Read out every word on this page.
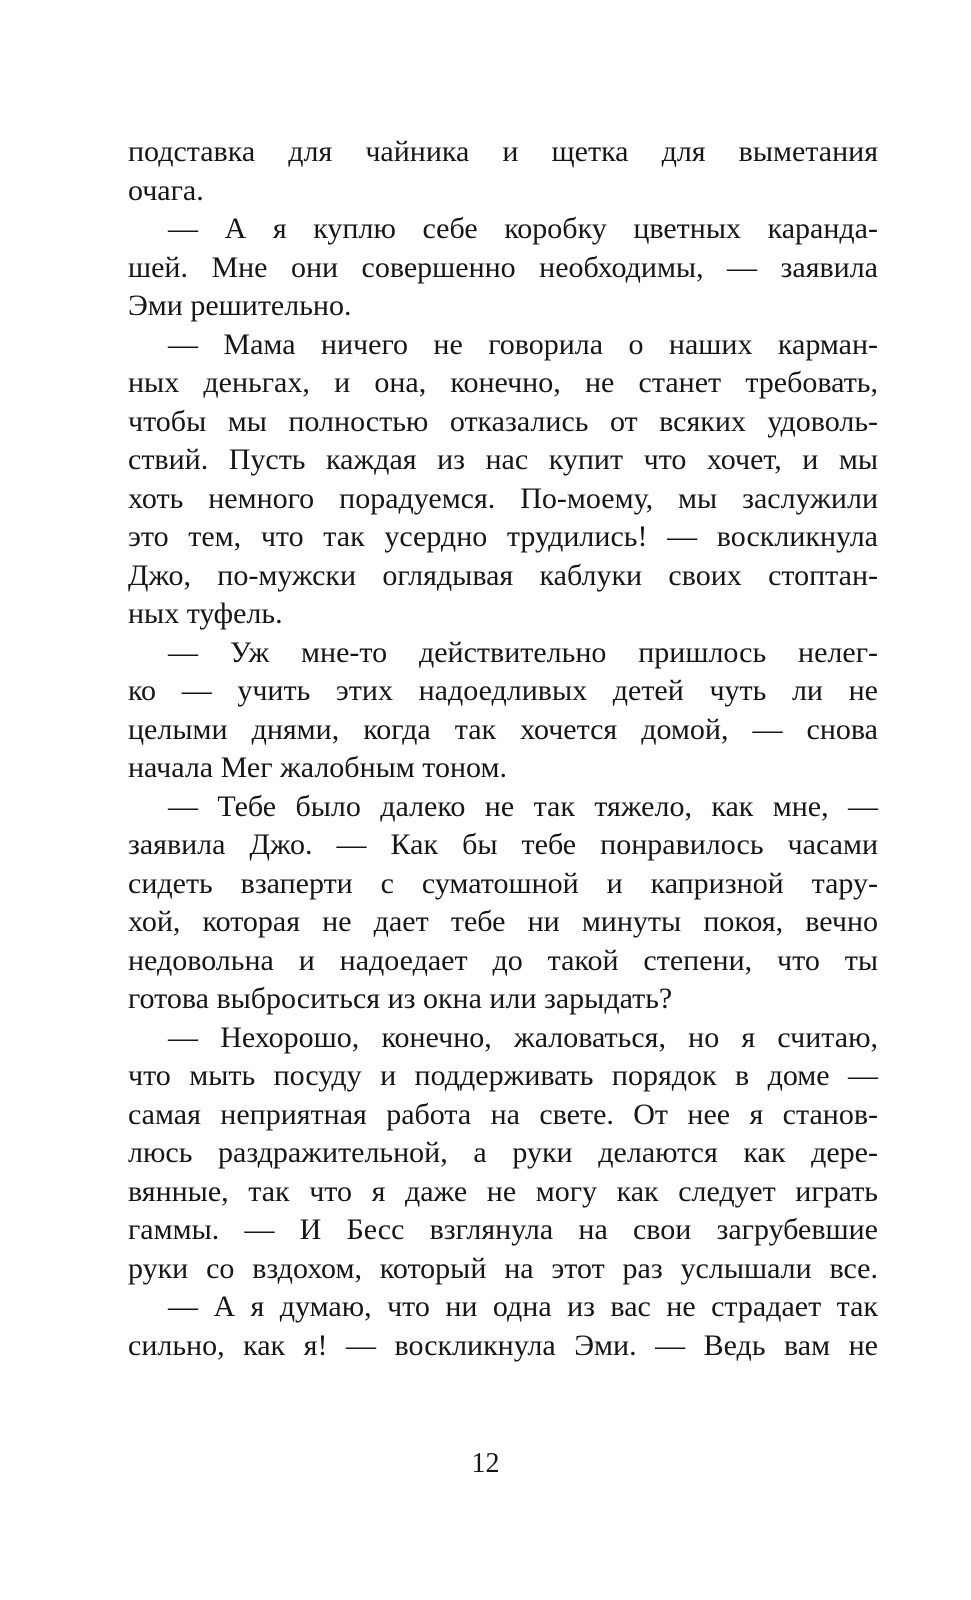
подставка для чайника и щетка для выметания
очага.
— А я куплю себе коробку цветных каранда-
шей. Мне они совершенно необходимы, — заявила
Эми решительно.
— Мама ничего не говорила о наших карман-
ных деньгах, и она, конечно, не станет требовать,
чтобы мы полностью отказались от всяких удоволь-
ствий. Пусть каждая из нас купит что хочет, и мы
хоть немного порадуемся. По-моему, мы заслужили
это тем, что так усердно трудились! — воскликнула
Джо, по-мужски оглядывая каблуки своих стоптан-
ных туфель.
— Уж мне-то действительно пришлось нелег-
ко — учить этих надоедливых детей чуть ли не
целыми днями, когда так хочется домой, — снова
начала Мег жалобным тоном.
— Тебе было далеко не так тяжело, как мне, —
заявила Джо. — Как бы тебе понравилось часами
сидеть взаперти с суматошной и капризной тару-
хой, которая не дает тебе ни минуты покоя, вечно
недовольна и надоедает до такой степени, что ты
готова выброситься из окна или зарыдать?
— Нехорошо, конечно, жаловаться, но я считаю,
что мыть посуду и поддерживать порядок в доме —
самая неприятная работа на свете. От нее я станов-
люсь раздражительной, а руки делаются как дере-
вянные, так что я даже не могу как следует играть
гаммы. — И Бесс взглянула на свои загрубевшие
руки со вздохом, который на этот раз услышали все.
— А я думаю, что ни одна из вас не страдает так
сильно, как я! — воскликнула Эми. — Ведь вам не
12
